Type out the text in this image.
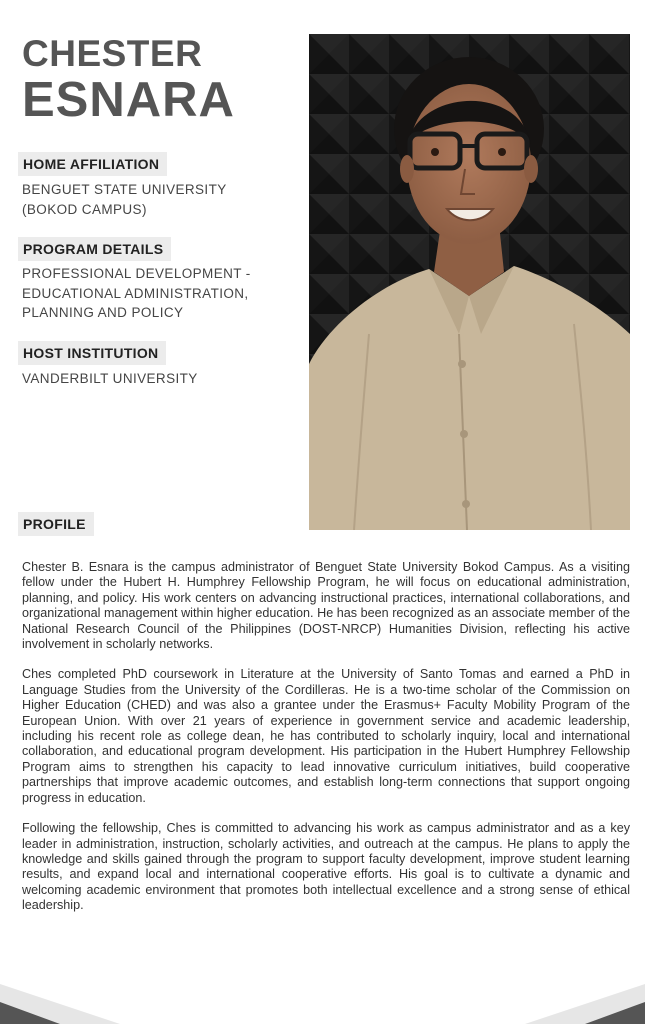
CHESTER
ESNARA
HOME AFFILIATION
BENGUET STATE UNIVERSITY
(BOKOD CAMPUS)
PROGRAM DETAILS
PROFESSIONAL DEVELOPMENT -
EDUCATIONAL ADMINISTRATION,
PLANNING AND POLICY
HOST INSTITUTION
VANDERBILT UNIVERSITY
PROFILE

Chester B. Esnara is the campus administrator of Benguet State University Bokod Campus. As a visiting fellow under the Hubert H. Humphrey Fellowship Program, he will focus on educational administration, planning, and policy. His work centers on advancing instructional practices, international collaborations, and organizational management within higher education. He has been recognized as an associate member of the National Research Council of the Philippines (DOST-NRCP) Humanities Division, reflecting his active involvement in scholarly networks.

Ches completed PhD coursework in Literature at the University of Santo Tomas and earned a PhD in Language Studies from the University of the Cordilleras. He is a two-time scholar of the Commission on Higher Education (CHED) and was also a grantee under the Erasmus+ Faculty Mobility Program of the European Union. With over 21 years of experience in government service and academic leadership, including his recent role as college dean, he has contributed to scholarly inquiry, local and international collaboration, and educational program development. His participation in the Hubert Humphrey Fellowship Program aims to strengthen his capacity to lead innovative curriculum initiatives, build cooperative partnerships that improve academic outcomes, and establish long-term connections that support ongoing progress in education.

Following the fellowship, Ches is committed to advancing his work as campus administrator and as a key leader in administration, instruction, scholarly activities, and outreach at the campus. He plans to apply the knowledge and skills gained through the program to support faculty development, improve student learning results, and expand local and international cooperative efforts. His goal is to cultivate a dynamic and welcoming academic environment that promotes both intellectual excellence and a strong sense of ethical leadership.
